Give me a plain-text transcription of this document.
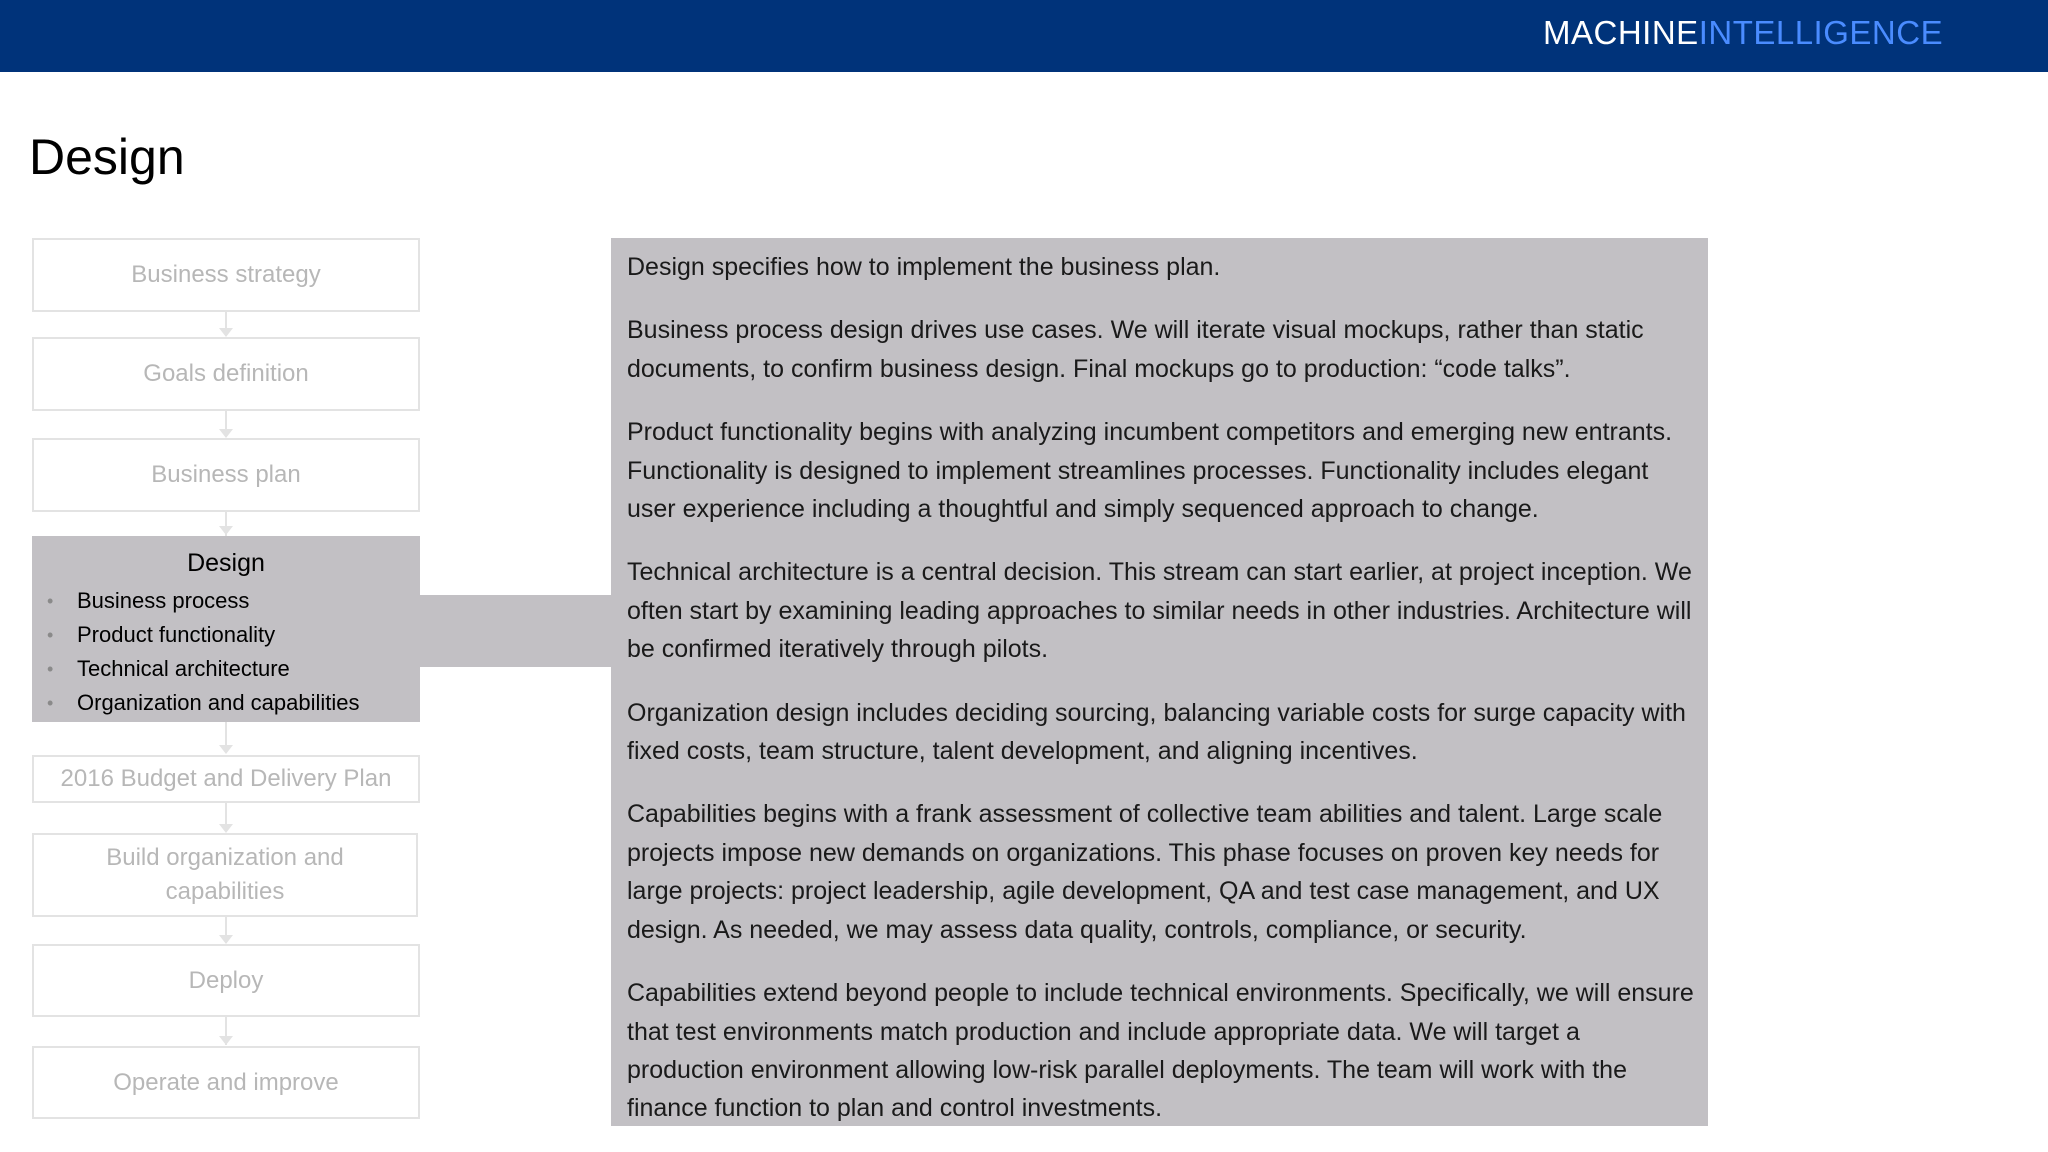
MACHINEINTELLIGENCE
Design
Business strategy
Goals definition
Business plan
Design
• Business process
• Product functionality
• Technical architecture
• Organization and capabilities
2016 Budget and Delivery Plan
Build organization and capabilities
Deploy
Operate and improve

Design specifies how to implement the business plan.

Business process design drives use cases. We will iterate visual mockups, rather than static documents, to confirm business design. Final mockups go to production: “code talks”.

Product functionality begins with analyzing incumbent competitors and emerging new entrants. Functionality is designed to implement streamlines processes. Functionality includes elegant user experience including a thoughtful and simply sequenced approach to change.

Technical architecture is a central decision. This stream can start earlier, at project inception. We often start by examining leading approaches to similar needs in other industries. Architecture will be confirmed iteratively through pilots.

Organization design includes deciding sourcing, balancing variable costs for surge capacity with fixed costs, team structure, talent development, and aligning incentives.

Capabilities begins with a frank assessment of collective team abilities and talent. Large scale projects impose new demands on organizations. This phase focuses on proven key needs for large projects: project leadership, agile development, QA and test case management, and UX design. As needed, we may assess data quality, controls, compliance, or security.

Capabilities extend beyond people to include technical environments. Specifically, we will ensure that test environments match production and include appropriate data. We will target a production environment allowing low-risk parallel deployments. The team will work with the finance function to plan and control investments.
